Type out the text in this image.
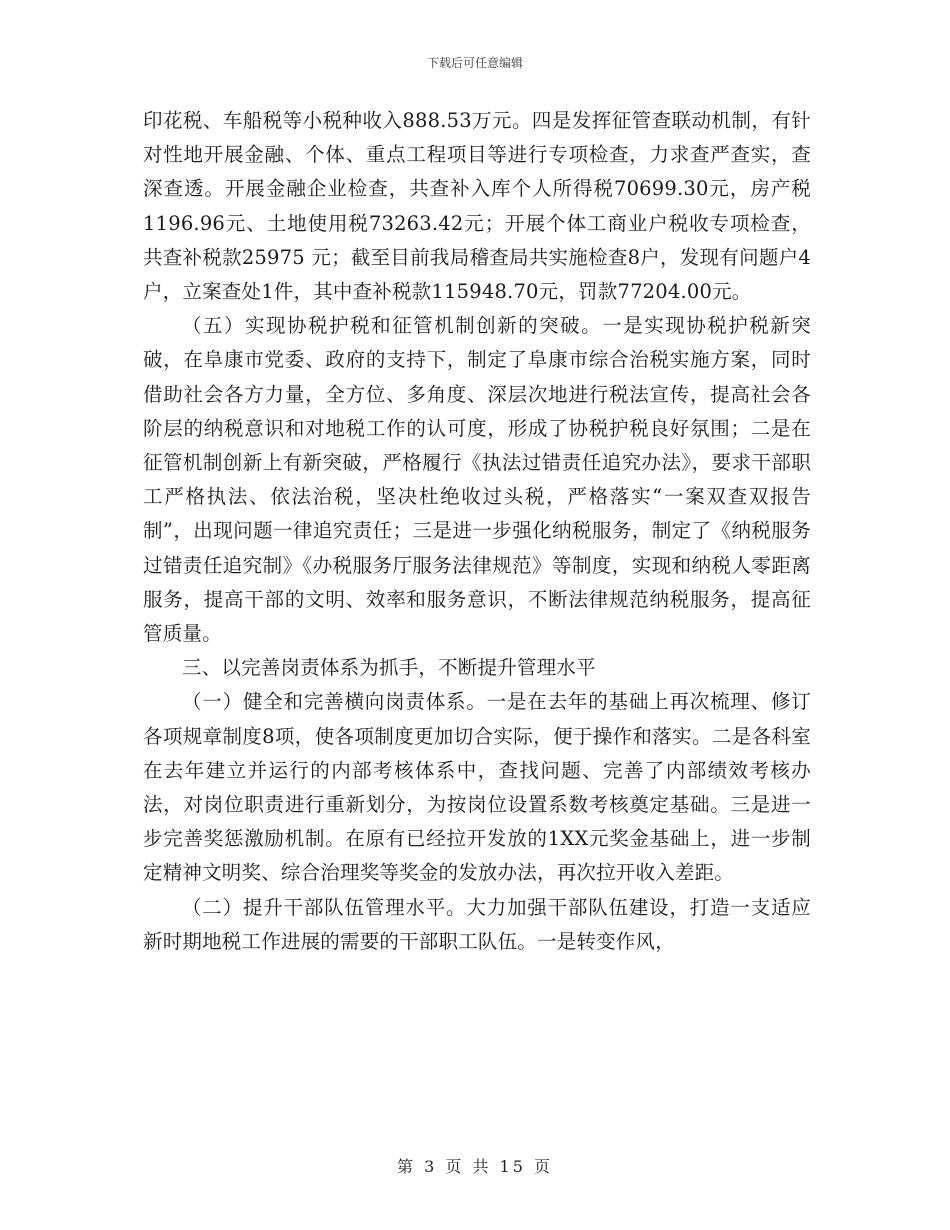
下载后可任意编辑

印花税、车船税等小税种收入888.53万元。四是发挥征管查联动机制，有针对性地开展金融、个体、重点工程项目等进行专项检查，力求查严查实，查深查透。开展金融企业检查，共查补入库个人所得税70699.30元，房产税1196.96元、土地使用税73263.42元；开展个体工商业户税收专项检查，共查补税款25975 元；截至目前我局稽查局共实施检查8户，发现有问题户4户，立案查处1件，其中查补税款115948.70元，罚款77204.00元。

（五）实现协税护税和征管机制创新的突破。一是实现协税护税新突破，在阜康市党委、政府的支持下，制定了阜康市综合治税实施方案，同时借助社会各方力量，全方位、多角度、深层次地进行税法宣传，提高社会各阶层的纳税意识和对地税工作的认可度，形成了协税护税良好氛围；二是在征管机制创新上有新突破，严格履行《执法过错责任追究办法》，要求干部职工严格执法、依法治税，坚决杜绝收过头税，严格落实“一案双查双报告制”，出现问题一律追究责任；三是进一步强化纳税服务，制定了《纳税服务过错责任追究制》《办税服务厅服务法律规范》等制度，实现和纳税人零距离服务，提高干部的文明、效率和服务意识，不断法律规范纳税服务，提高征管质量。

三、以完善岗责体系为抓手，不断提升管理水平

（一）健全和完善横向岗责体系。一是在去年的基础上再次梳理、修订各项规章制度8项，使各项制度更加切合实际，便于操作和落实。二是各科室在去年建立并运行的内部考核体系中，查找问题、完善了内部绩效考核办法，对岗位职责进行重新划分，为按岗位设置系数考核奠定基础。三是进一步完善奖惩激励机制。在原有已经拉开发放的1XX元奖金基础上，进一步制定精神文明奖、综合治理奖等奖金的发放办法，再次拉开收入差距。

（二）提升干部队伍管理水平。大力加强干部队伍建设，打造一支适应新时期地税工作进展的需要的干部职工队伍。一是转变作风，

第 3 页 共 15 页
